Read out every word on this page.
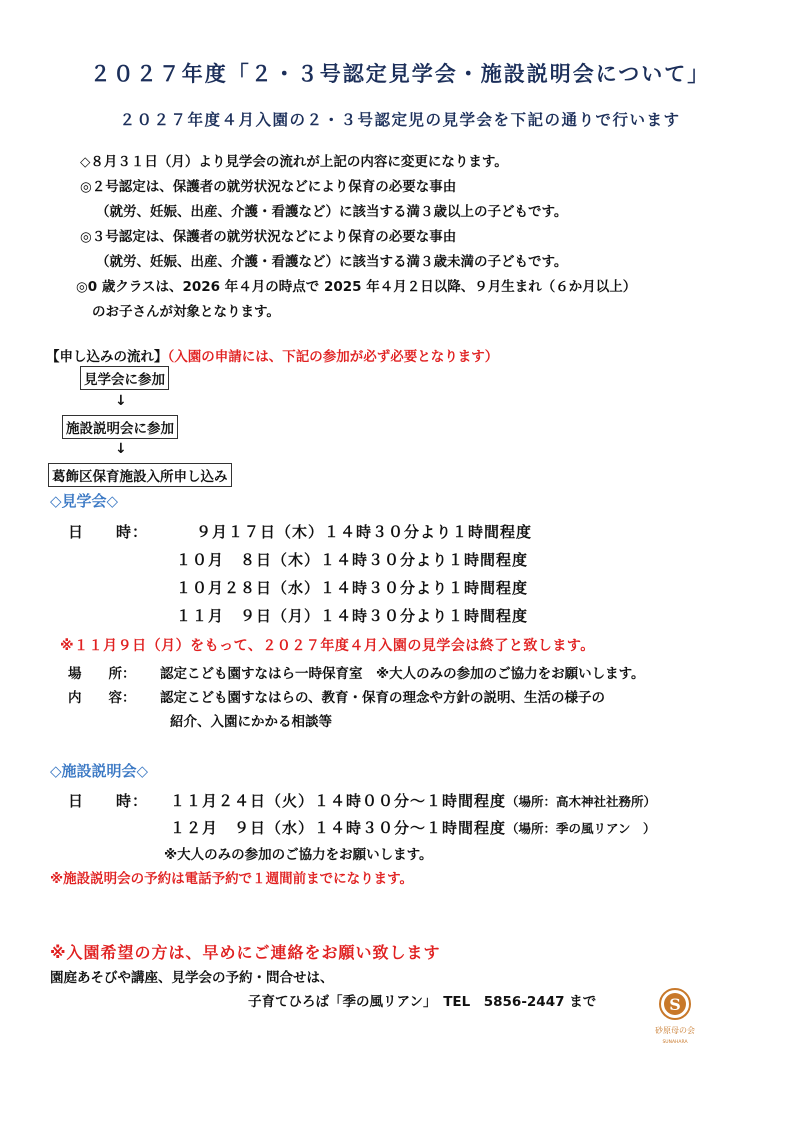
２０２７年度「２・３号認定見学会・施設説明会について」
２０２７年度４月入園の２・３号認定児の見学会を下記の通りで行います
◇８月３１日（月）より見学会の流れが上記の内容に変更になります。
◎２号認定は、保護者の就労状況などにより保育の必要な事由
（就労、妊娠、出産、介護・看護など）に該当する満３歳以上の子どもです。
◎３号認定は、保護者の就労状況などにより保育の必要な事由
（就労、妊娠、出産、介護・看護など）に該当する満３歳未満の子どもです。
◎0 歳クラスは、2026 年４月の時点で 2025 年４月２日以降、９月生まれ（６か月以上）
のお子さんが対象となります。
【申し込みの流れ】（入園の申請には、下記の参加が必ず必要となります）
見学会に参加
↓
施設説明会に参加
↓
葛飾区保育施設入所申し込み
◇見学会◇
日　　時：	９月１７日（木）１４時３０分より１時間程度
１０月　８日（木）１４時３０分より１時間程度
１０月２８日（水）１４時３０分より１時間程度
１１月　９日（月）１４時３０分より１時間程度
※１１月９日（月）をもって、２０２７年度４月入園の見学会は終了と致します。
場　　所： 認定こども園すなはら一時保育室　※大人のみの参加のご協力をお願いします。
内　　容： 認定こども園すなはらの、教育・保育の理念や方針の説明、生活の様子の
紹介、入園にかかる相談等
◇施設説明会◇
日　　時： １１月２４日（火）１４時００分～１時間程度（場所：高木神社社務所）
１２月　９日（水）１４時３０分～１時間程度（場所：季の風リアン　）
※大人のみの参加のご協力をお願いします。
※施設説明会の予約は電話予約で１週間前までになります。
※入園希望の方は、早めにご連絡をお願い致します
園庭あそびや講座、見学会の予約・問合せは、
子育てひろば「季の風リアン」　TEL　5856-2447 まで	S
砂原母の会
SUNAHARA
